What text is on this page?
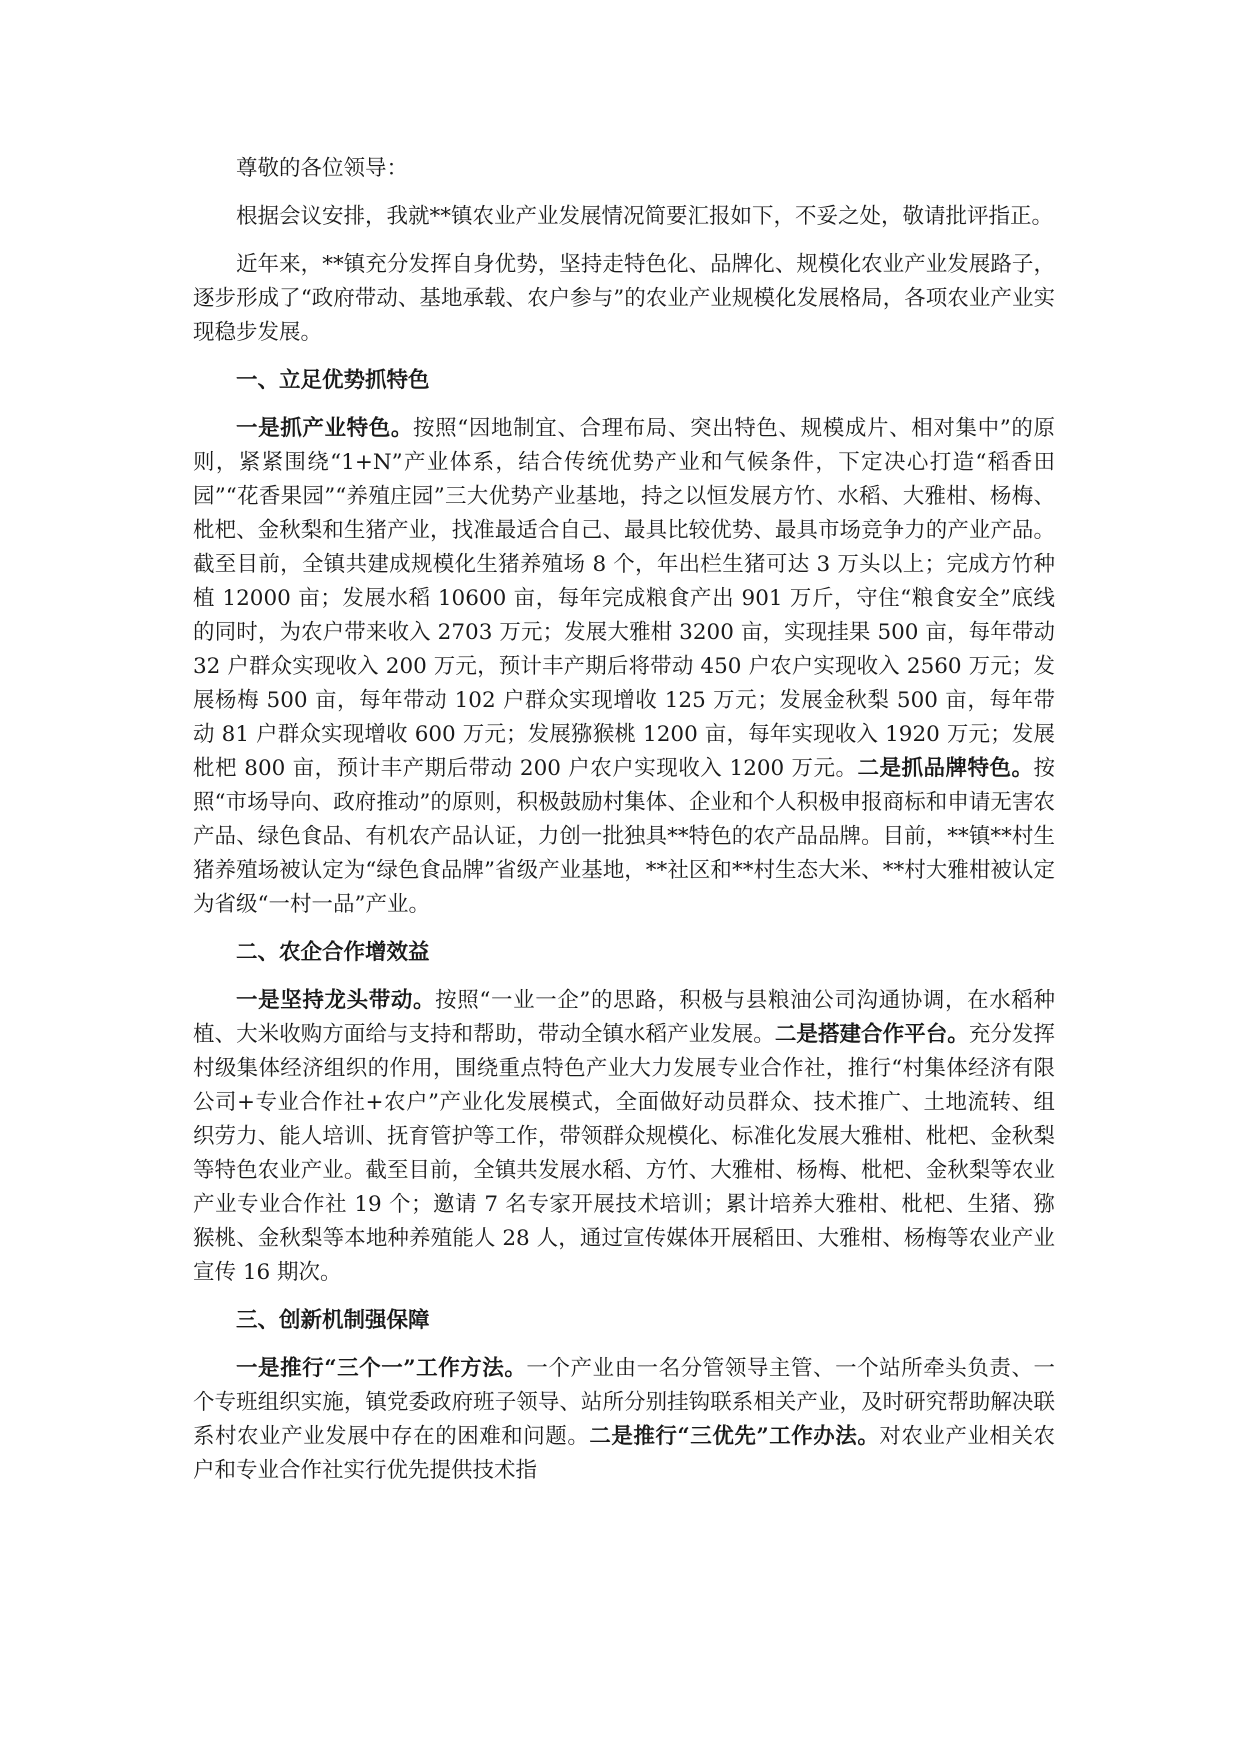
尊敬的各位领导：

根据会议安排，我就**镇农业产业发展情况简要汇报如下，不妥之处，敬请批评指正。

近年来，**镇充分发挥自身优势，坚持走特色化、品牌化、规模化农业产业发展路子，逐步形成了“政府带动、基地承载、农户参与”的农业产业规模化发展格局，各项农业产业实现稳步发展。

一、立足优势抓特色

一是抓产业特色。按照“因地制宜、合理布局、突出特色、规模成片、相对集中”的原则，紧紧围绕“1+N”产业体系，结合传统优势产业和气候条件，下定决心打造“稻香田园”“花香果园”“养殖庄园”三大优势产业基地，持之以恒发展方竹、水稻、大雅柑、杨梅、枇杷、金秋梨和生猪产业，找准最适合自己、最具比较优势、最具市场竞争力的产业产品。截至目前，全镇共建成规模化生猪养殖场 8 个，年出栏生猪可达 3 万头以上；完成方竹种植 12000 亩；发展水稻 10600 亩，每年完成粮食产出 901 万斤，守住“粮食安全”底线的同时，为农户带来收入 2703 万元；发展大雅柑 3200 亩，实现挂果 500 亩，每年带动 32 户群众实现收入 200 万元，预计丰产期后将带动 450 户农户实现收入 2560 万元；发展杨梅 500 亩，每年带动 102 户群众实现增收 125 万元；发展金秋梨 500 亩，每年带动 81 户群众实现增收 600 万元；发展猕猴桃 1200 亩，每年实现收入 1920 万元；发展枇杷 800 亩，预计丰产期后带动 200 户农户实现收入 1200 万元。二是抓品牌特色。按照“市场导向、政府推动”的原则，积极鼓励村集体、企业和个人积极申报商标和申请无害农产品、绿色食品、有机农产品认证，力创一批独具**特色的农产品品牌。目前，**镇**村生猪养殖场被认定为“绿色食品牌”省级产业基地，**社区和**村生态大米、**村大雅柑被认定为省级“一村一品”产业。

二、农企合作增效益

一是坚持龙头带动。按照“一业一企”的思路，积极与县粮油公司沟通协调，在水稻种植、大米收购方面给与支持和帮助，带动全镇水稻产业发展。二是搭建合作平台。充分发挥村级集体经济组织的作用，围绕重点特色产业大力发展专业合作社，推行“村集体经济有限公司+专业合作社+农户”产业化发展模式，全面做好动员群众、技术推广、土地流转、组织劳力、能人培训、抚育管护等工作，带领群众规模化、标准化发展大雅柑、枇杷、金秋梨等特色农业产业。截至目前，全镇共发展水稻、方竹、大雅柑、杨梅、枇杷、金秋梨等农业产业专业合作社 19 个；邀请 7 名专家开展技术培训；累计培养大雅柑、枇杷、生猪、猕猴桃、金秋梨等本地种养殖能人 28 人，通过宣传媒体开展稻田、大雅柑、杨梅等农业产业宣传 16 期次。

三、创新机制强保障

一是推行“三个一”工作方法。一个产业由一名分管领导主管、一个站所牵头负责、一个专班组织实施，镇党委政府班子领导、站所分别挂钩联系相关产业，及时研究帮助解决联系村农业产业发展中存在的困难和问题。二是推行“三优先”工作办法。对农业产业相关农户和专业合作社实行优先提供技术指
